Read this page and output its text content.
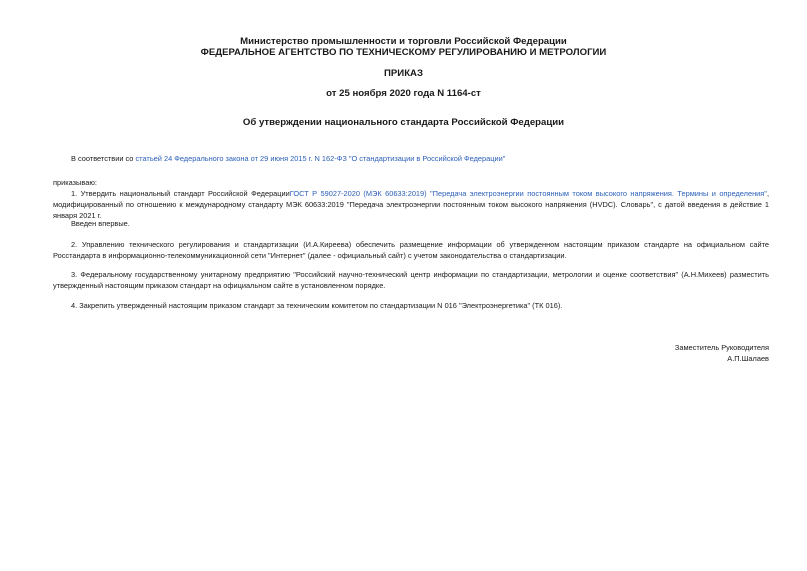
Министерство промышленности и торговли Российской Федерации
ФЕДЕРАЛЬНОЕ АГЕНТСТВО ПО ТЕХНИЧЕСКОМУ РЕГУЛИРОВАНИЮ И МЕТРОЛОГИИ
ПРИКАЗ
от 25 ноября 2020 года N 1164-ст
Об утверждении национального стандарта Российской Федерации
В соответствии со статьей 24 Федерального закона от 29 июня 2015 г. N 162-ФЗ "О стандартизации в Российской Федерации"
приказываю:
1. Утвердить национальный стандарт Российской ФедерацииГОСТ Р 59027-2020 (МЭК 60633:2019) "Передача электроэнергии постоянным током высокого напряжения. Термины и определения", модифицированный по отношению к международному стандарту МЭК 60633:2019 "Передача электроэнергии постоянным током высокого напряжения (HVDC). Словарь", с датой введения в действие 1 января 2021 г.
Введен впервые.
2. Управлению технического регулирования и стандартизации (И.А.Киреева) обеспечить размещение информации об утвержденном настоящим приказом стандарте на официальном сайте Росстандарта в информационно-телекоммуникационной сети "Интернет" (далее - официальный сайт) с учетом законодательства о стандартизации.
3. Федеральному государственному унитарному предприятию "Российский научно-технический центр информации по стандартизации, метрологии и оценке соответствия" (А.Н.Михеев) разместить утвержденный настоящим приказом стандарт на официальном сайте в установленном порядке.
4. Закрепить утвержденный настоящим приказом стандарт за техническим комитетом по стандартизации N 016 "Электроэнергетика" (ТК 016).
Заместитель Руководителя
А.П.Шалаев
